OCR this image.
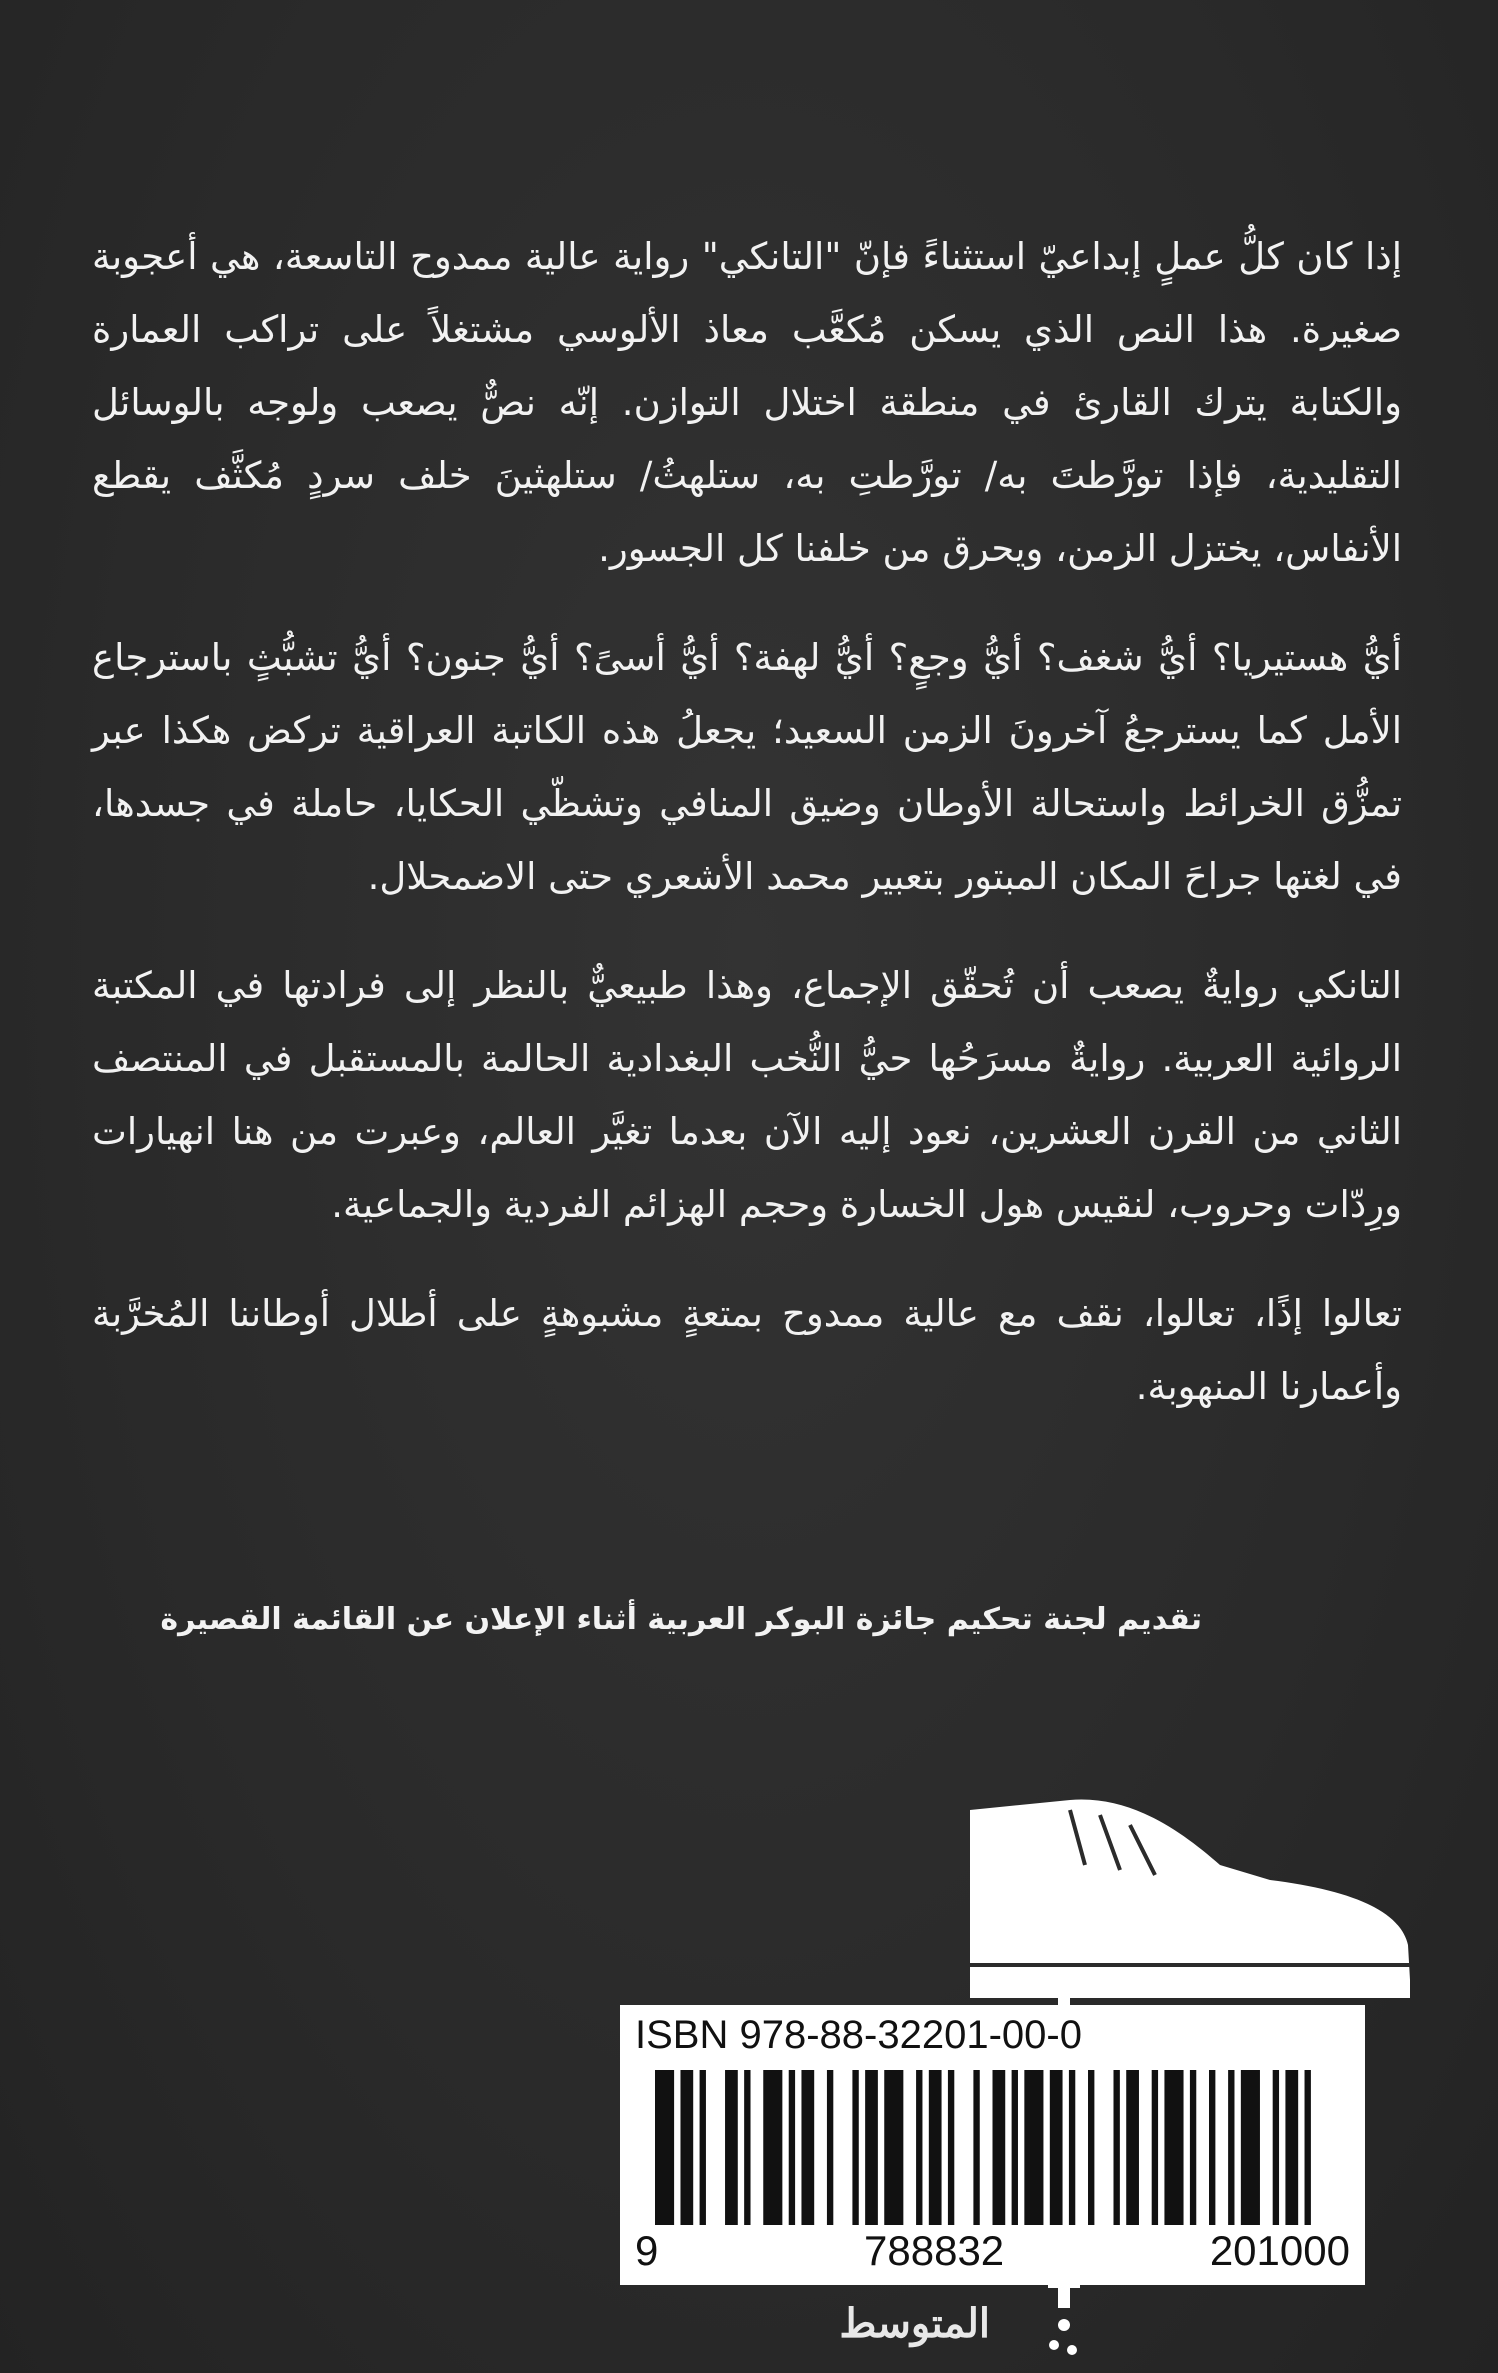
إذا كان كلُّ عملٍ إبداعيّ استثناءً فإنّ "التانكي" رواية عالية ممدوح التاسعة، هي أعجوبة صغيرة. هذا النص الذي يسكن مُكعَّب معاذ الألوسي مشتغلاً على تراكب العمارة والكتابة يترك القارئ في منطقة اختلال التوازن. إنّه نصٌّ يصعب ولوجه بالوسائل التقليدية، فإذا تورَّطتَ به/ تورَّطتِ به، ستلهثُ/ ستلهثينَ خلف سردٍ مُكثَّف يقطع الأنفاس، يختزل الزمن، ويحرق من خلفنا كل الجسور.

أيُّ هستيريا؟ أيُّ شغف؟ أيُّ وجعٍ؟ أيُّ لهفة؟ أيُّ أسىً؟ أيُّ جنون؟ أيُّ تشبُّثٍ باسترجاع الأمل كما يسترجعُ آخرونَ الزمن السعيد؛ يجعلُ هذه الكاتبة العراقية تركض هكذا عبر تمزُّق الخرائط واستحالة الأوطان وضيق المنافي وتشظّي الحكايا، حاملة في جسدها، في لغتها جراحَ المكان المبتور بتعبير محمد الأشعري حتى الاضمحلال.

التانكي روايةٌ يصعب أن تُحقّق الإجماع، وهذا طبيعيٌّ بالنظر إلى فرادتها في المكتبة الروائية العربية. روايةٌ مسرَحُها حيُّ النُّخب البغدادية الحالمة بالمستقبل في المنتصف الثاني من القرن العشرين، نعود إليه الآن بعدما تغيَّر العالم، وعبرت من هنا انهيارات ورِدّات وحروب، لنقيس هول الخسارة وحجم الهزائم الفردية والجماعية.

تعالوا إذًا، تعالوا، نقف مع عالية ممدوح بمتعةٍ مشبوهةٍ على أطلال أوطاننا المُخرَّبة وأعمارنا المنهوبة.

تقديم لجنة تحكيم جائزة البوكر العربية أثناء الإعلان عن القائمة القصيرة
ISBN 978-88-32201-00-0
9	788832	201000
المتوسط
